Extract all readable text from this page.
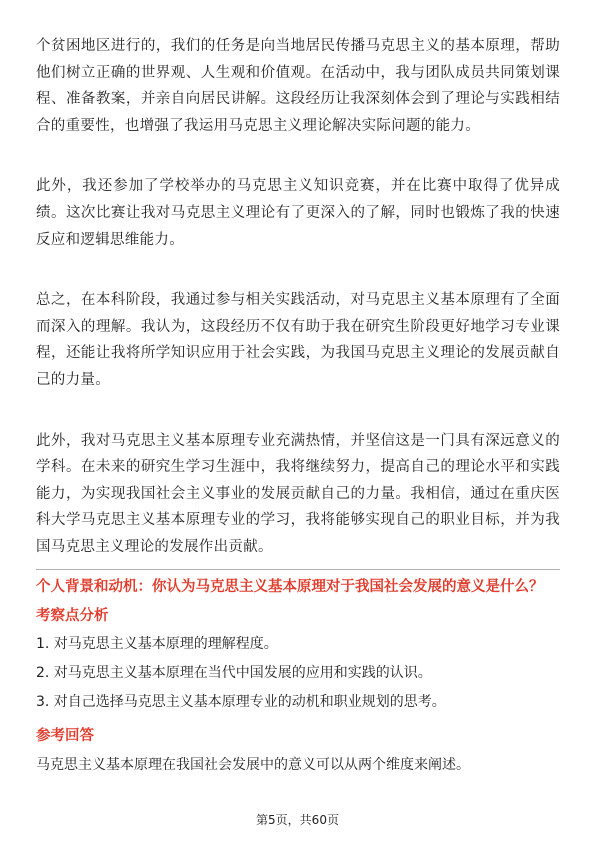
个贫困地区进行的，我们的任务是向当地居民传播马克思主义的基本原理，帮助他们树立正确的世界观、人生观和价值观。在活动中，我与团队成员共同策划课程、准备教案，并亲自向居民讲解。这段经历让我深刻体会到了理论与实践相结合的重要性，也增强了我运用马克思主义理论解决实际问题的能力。

此外，我还参加了学校举办的马克思主义知识竞赛，并在比赛中取得了优异成绩。这次比赛让我对马克思主义理论有了更深入的了解，同时也锻炼了我的快速反应和逻辑思维能力。

总之，在本科阶段，我通过参与相关实践活动，对马克思主义基本原理有了全面而深入的理解。我认为，这段经历不仅有助于我在研究生阶段更好地学习专业课程，还能让我将所学知识应用于社会实践，为我国马克思主义理论的发展贡献自己的力量。

此外，我对马克思主义基本原理专业充满热情，并坚信这是一门具有深远意义的学科。在未来的研究生学习生涯中，我将继续努力，提高自己的理论水平和实践能力，为实现我国社会主义事业的发展贡献自己的力量。我相信，通过在重庆医科大学马克思主义基本原理专业的学习，我将能够实现自己的职业目标，并为我国马克思主义理论的发展作出贡献。

个人背景和动机：你认为马克思主义基本原理对于我国社会发展的意义是什么？
考察点分析
1. 对马克思主义基本原理的理解程度。
2. 对马克思主义基本原理在当代中国发展的应用和实践的认识。
3. 对自己选择马克思主义基本原理专业的动机和职业规划的思考。
参考回答
马克思主义基本原理在我国社会发展中的意义可以从两个维度来阐述。
第5页，共60页
